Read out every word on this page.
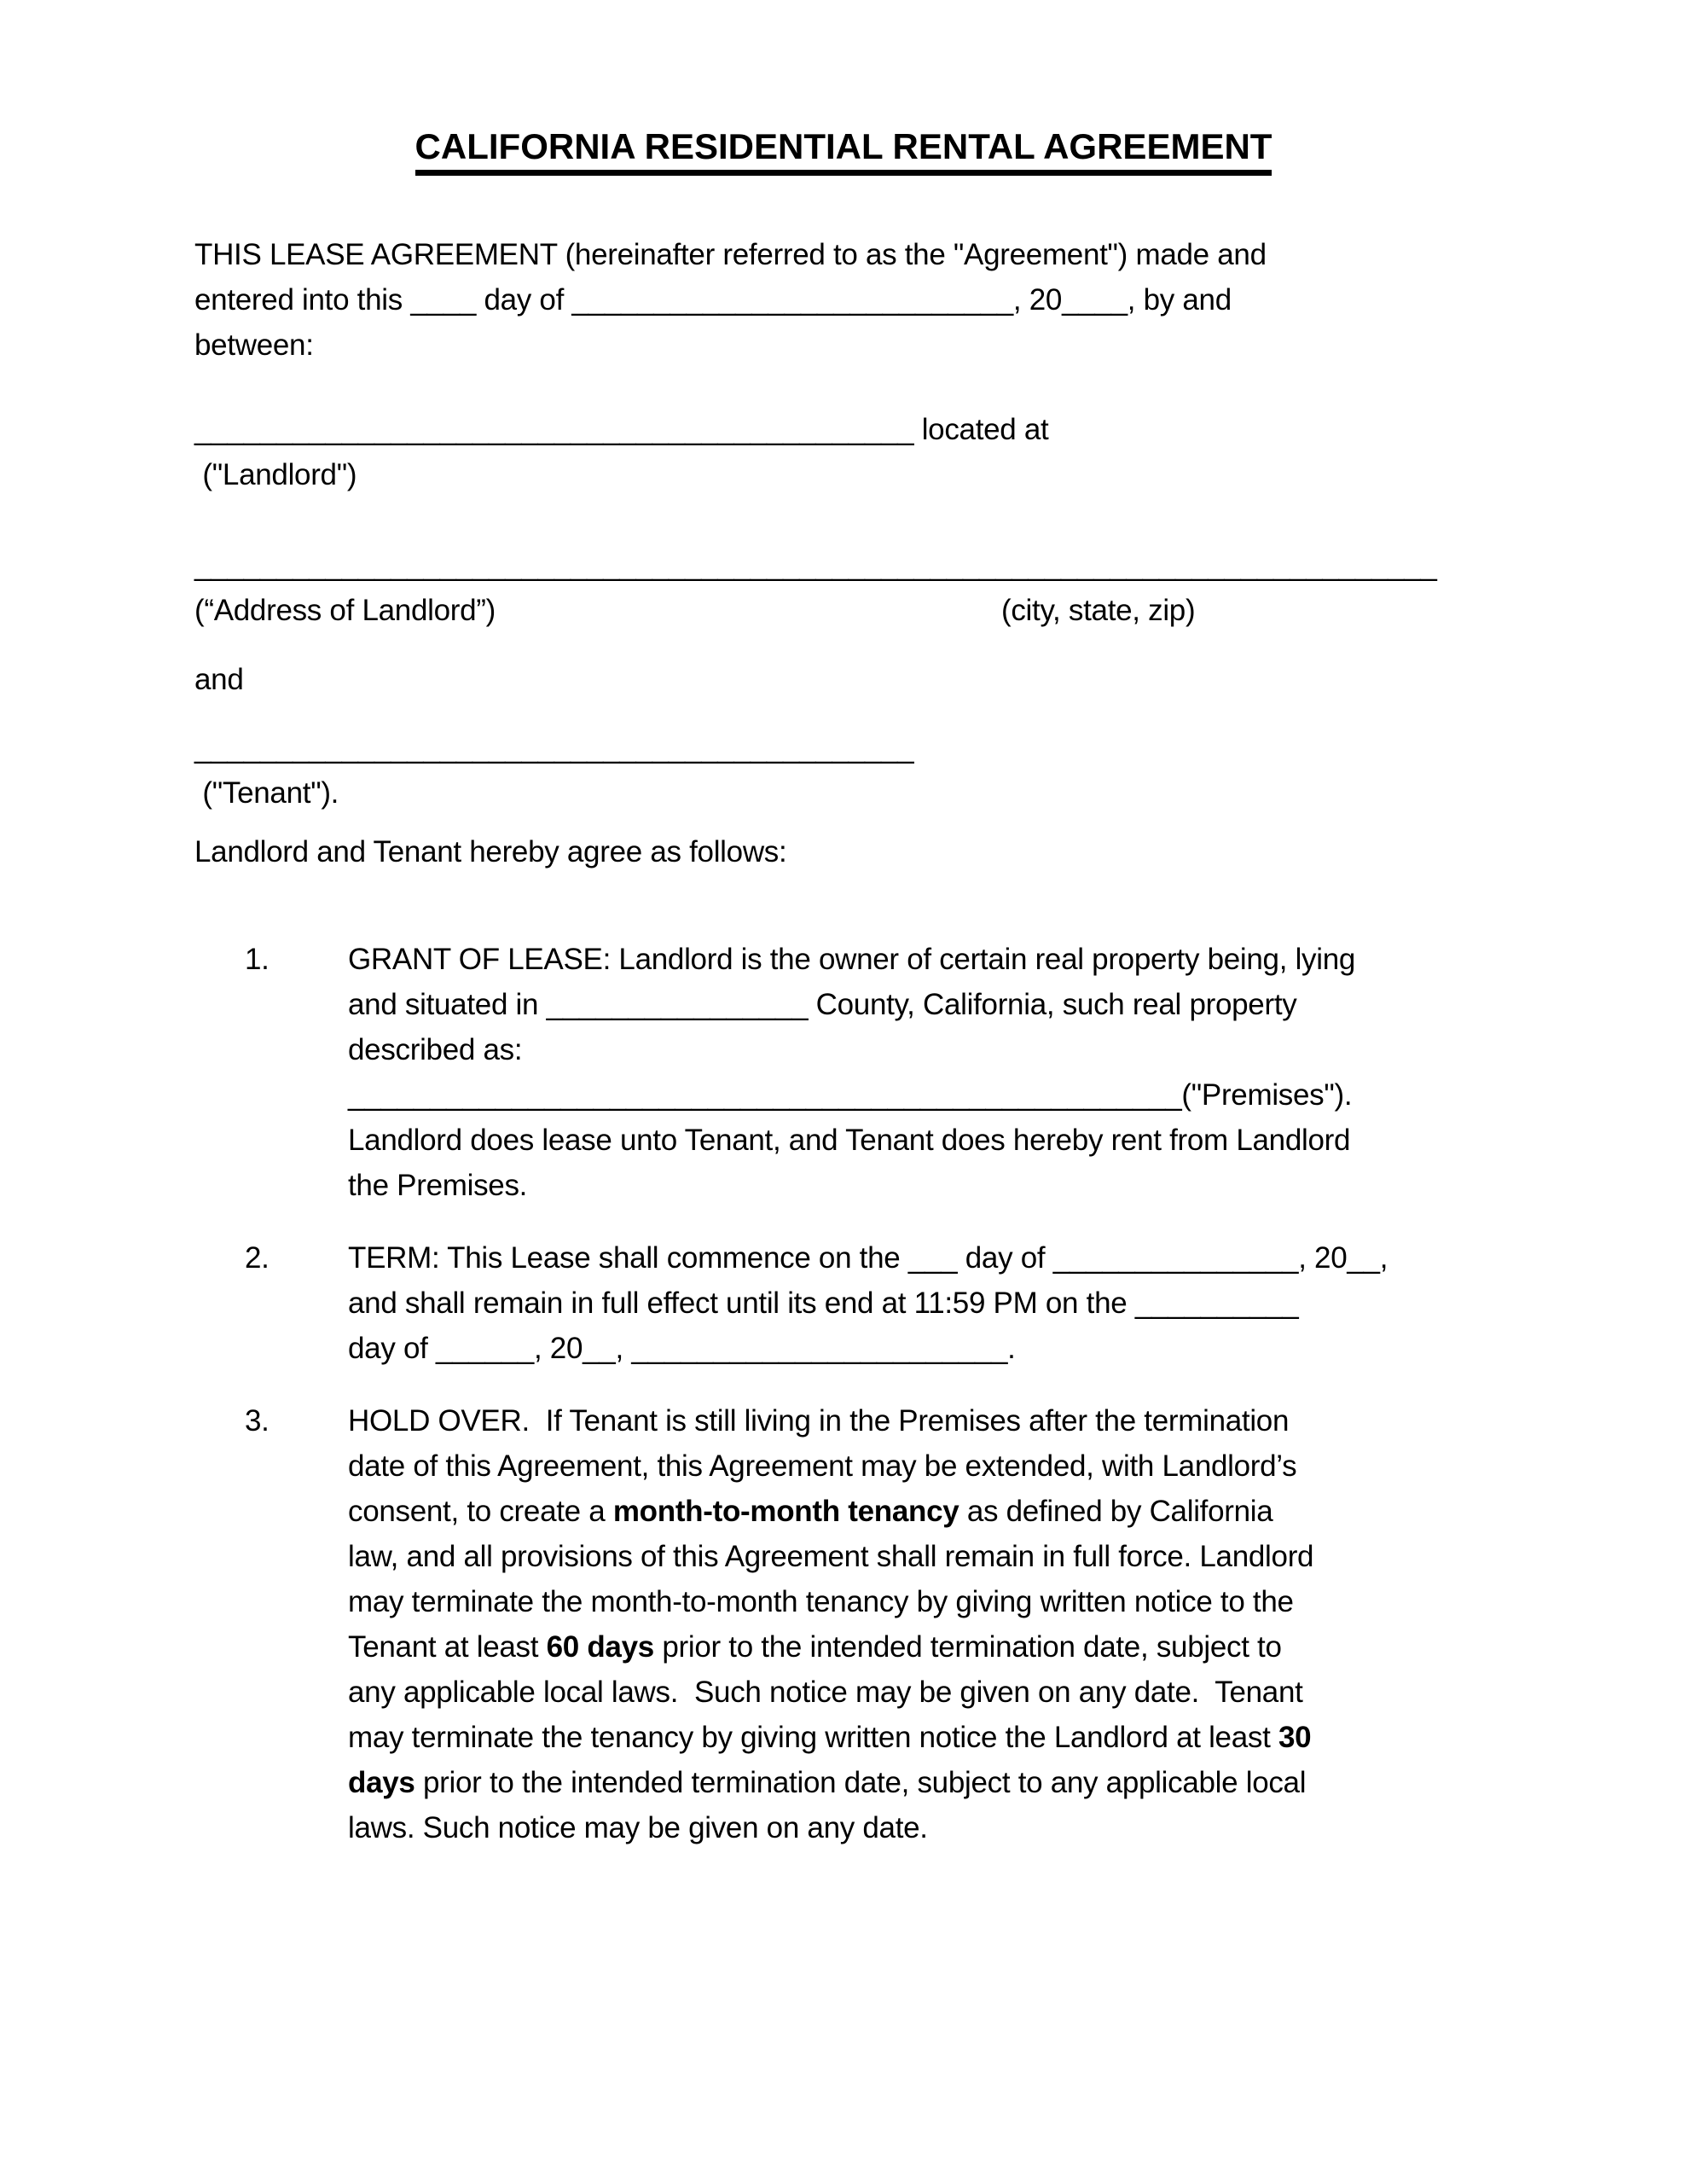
CALIFORNIA RESIDENTIAL RENTAL AGREEMENT
THIS LEASE AGREEMENT (hereinafter referred to as the "Agreement") made and
entered into this ____ day of ___________________________, 20____, by and
between:
____________________________________________ located at
("Landlord")
____________________________________________________________________________
(“Address of Landlord”)	(city, state, zip)
and
____________________________________________
("Tenant").
Landlord and Tenant hereby agree as follows:
1.	GRANT OF LEASE: Landlord is the owner of certain real property being, lying
and situated in ________________ County, California, such real property
described as:
___________________________________________________("Premises").
Landlord does lease unto Tenant, and Tenant does hereby rent from Landlord
the Premises.
2.	TERM: This Lease shall commence on the ___ day of _______________, 20__,
and shall remain in full effect until its end at 11:59 PM on the __________
day of ______, 20__, _______________________.
3.	HOLD OVER.  If Tenant is still living in the Premises after the termination
date of this Agreement, this Agreement may be extended, with Landlord’s
consent, to create a month-to-month tenancy as defined by California
law, and all provisions of this Agreement shall remain in full force. Landlord
may terminate the month-to-month tenancy by giving written notice to the
Tenant at least 60 days prior to the intended termination date, subject to
any applicable local laws.  Such notice may be given on any date.  Tenant
may terminate the tenancy by giving written notice the Landlord at least 30
days prior to the intended termination date, subject to any applicable local
laws. Such notice may be given on any date.
